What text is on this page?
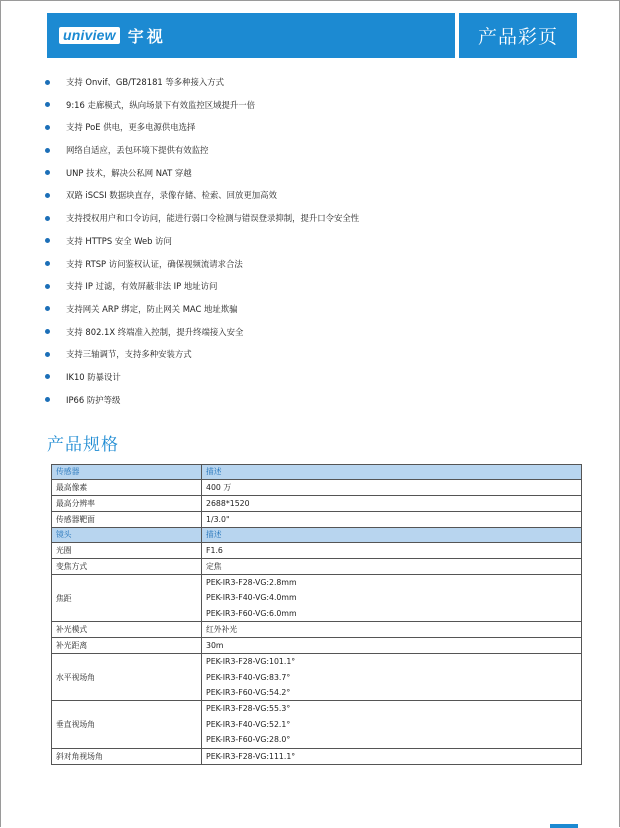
uniview 宇视	产品彩页
支持 Onvif、GB/T28181 等多种接入方式
9:16 走廊模式，纵向场景下有效监控区域提升一倍
支持 PoE 供电，更多电源供电选择
网络自适应，丢包环境下提供有效监控
UNP 技术，解决公私网 NAT 穿越
双路 iSCSI 数据块直存，录像存储、检索、回放更加高效
支持授权用户和口令访问，能进行弱口令检测与错误登录抑制，提升口令安全性
支持 HTTPS 安全 Web 访问
支持 RTSP 访问鉴权认证，确保视频流请求合法
支持 IP 过滤，有效屏蔽非法 IP 地址访问
支持网关 ARP 绑定，防止网关 MAC 地址欺骗
支持 802.1X 终端准入控制，提升终端接入安全
支持三轴调节，支持多种安装方式
IK10 防暴设计
IP66 防护等级
产品规格
传感器	描述
最高像素	400 万
最高分辨率	2688*1520
传感器靶面	1/3.0"
镜头	描述
光圈	F1.6
变焦方式	定焦
焦距	PEK-IR3-F28-VG:2.8mm
PEK-IR3-F40-VG:4.0mm
PEK-IR3-F60-VG:6.0mm

补光模式	红外补光
补光距离	30m
水平视场角	PEK-IR3-F28-VG:101.1°
PEK-IR3-F40-VG:83.7°
PEK-IR3-F60-VG:54.2°

垂直视场角	PEK-IR3-F28-VG:55.3°
PEK-IR3-F40-VG:52.1°
PEK-IR3-F60-VG:28.0°

斜对角视场角	PEK-IR3-F28-VG:111.1°
